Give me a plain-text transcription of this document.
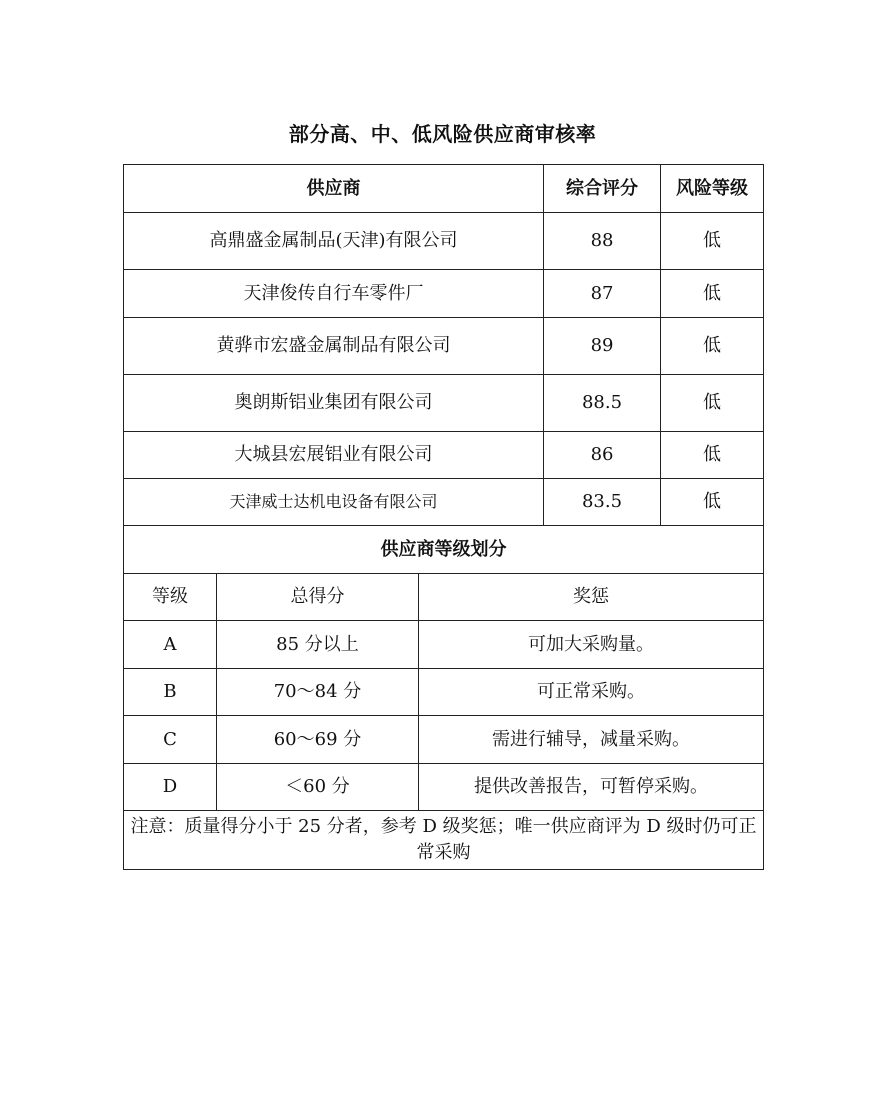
部分高、中、低风险供应商审核率
供应商			综合评分	风险等级
高鼎盛金属制品(天津)有限公司			88	低
天津俊传自行车零件厂			87	低
黄骅市宏盛金属制品有限公司			89	低
奥朗斯铝业集团有限公司			88.5	低
大城县宏展铝业有限公司			86	低
天津威士达机电设备有限公司			83.5	低
供应商等级划分				
等级	总得分	奖惩		
A	85 分以上	可加大采购量。		
B	70～84 分	可正常采购。		
C	60～69 分	需进行辅导，减量采购。		
D	＜60 分	提供改善报告，可暂停采购。		
注意：质量得分小于 25 分者，参考 D 级奖惩；唯一供应商评为 D 级时仍可正常采购				
